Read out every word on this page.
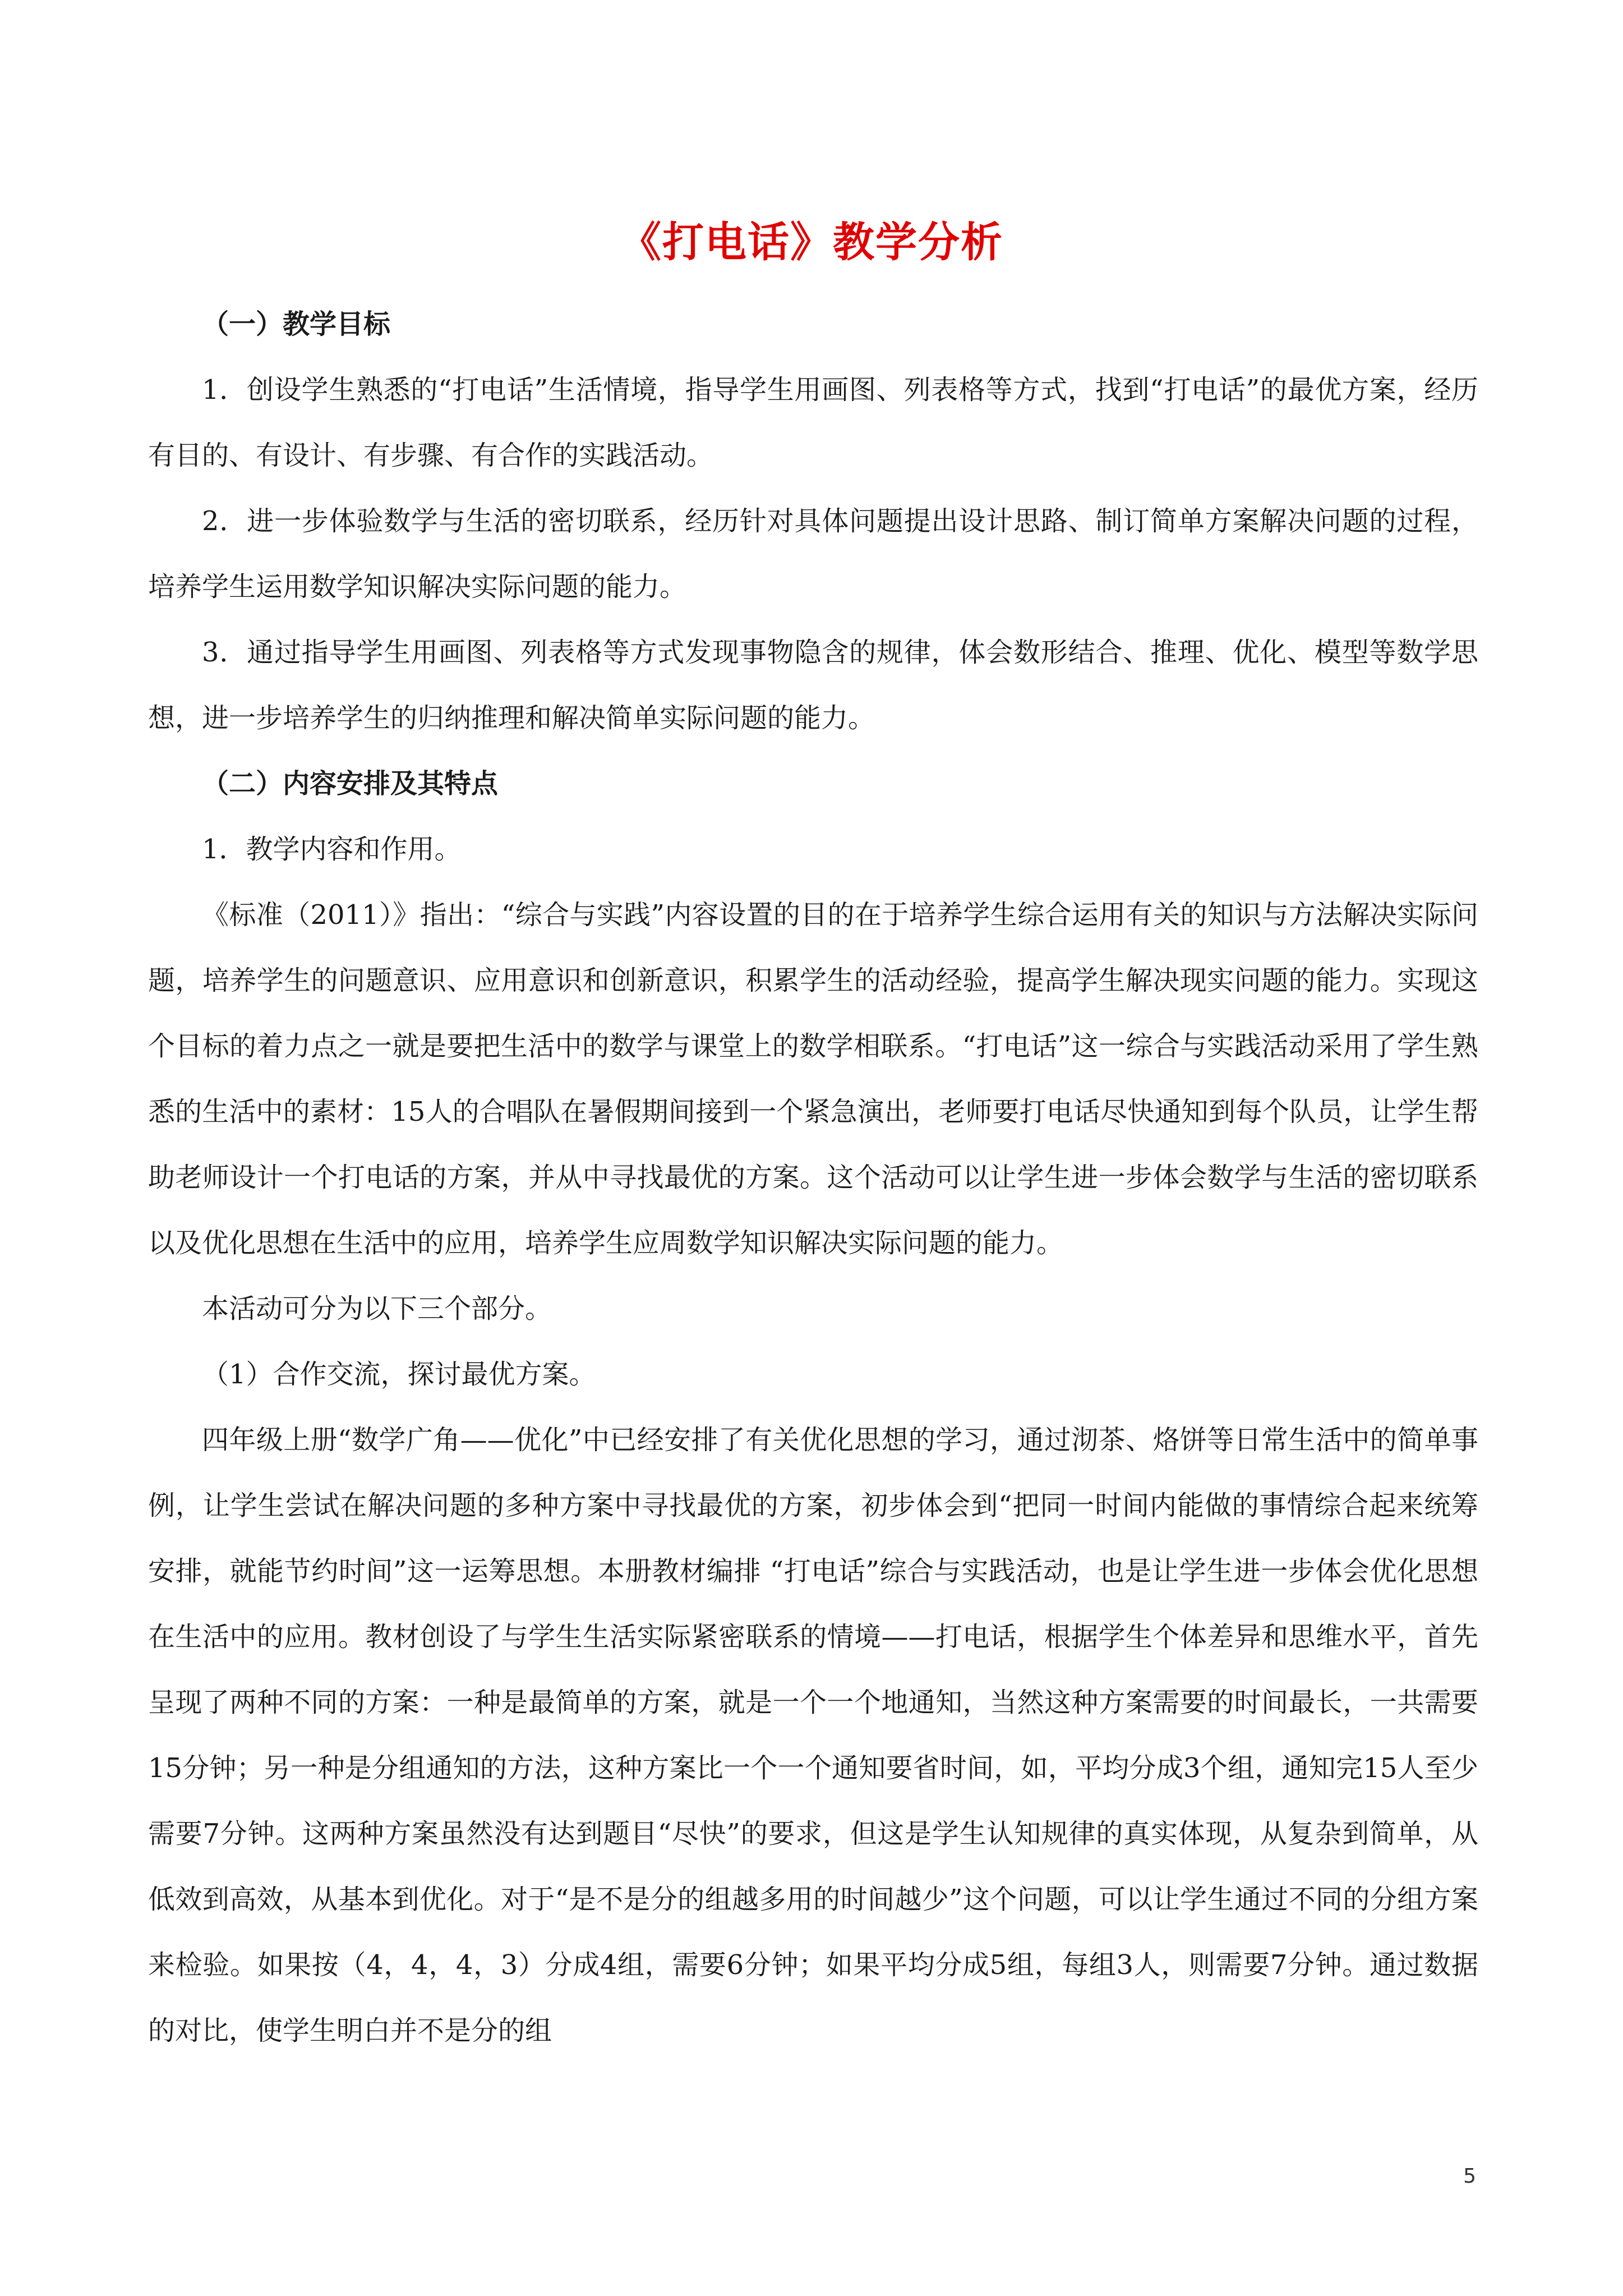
《打电话》教学分析

（一）教学目标

1．创设学生熟悉的“打电话”生活情境，指导学生用画图、列表格等方式，找到“打电话”的最优方案，经历有目的、有设计、有步骤、有合作的实践活动。

2．进一步体验数学与生活的密切联系，经历针对具体问题提出设计思路、制订简单方案解决问题的过程，培养学生运用数学知识解决实际问题的能力。

3．通过指导学生用画图、列表格等方式发现事物隐含的规律，体会数形结合、推理、优化、模型等数学思想，进一步培养学生的归纳推理和解决简单实际问题的能力。

（二）内容安排及其特点

1．教学内容和作用。

《标准（2011）》指出：“综合与实践”内容设置的目的在于培养学生综合运用有关的知识与方法解决实际问题，培养学生的问题意识、应用意识和创新意识，积累学生的活动经验，提高学生解决现实问题的能力。实现这个目标的着力点之一就是要把生活中的数学与课堂上的数学相联系。“打电话”这一综合与实践活动采用了学生熟悉的生活中的素材：15人的合唱队在暑假期间接到一个紧急演出，老师要打电话尽快通知到每个队员，让学生帮助老师设计一个打电话的方案，并从中寻找最优的方案。这个活动可以让学生进一步体会数学与生活的密切联系以及优化思想在生活中的应用，培养学生应周数学知识解决实际问题的能力。

本活动可分为以下三个部分。

（1）合作交流，探讨最优方案。

四年级上册“数学广角——优化”中已经安排了有关优化思想的学习，通过沏茶、烙饼等日常生活中的简单事例，让学生尝试在解决问题的多种方案中寻找最优的方案，初步体会到“把同一时间内能做的事情综合起来统筹安排，就能节约时间”这一运筹思想。本册教材编排 “打电话”综合与实践活动，也是让学生进一步体会优化思想在生活中的应用。教材创设了与学生生活实际紧密联系的情境——打电话，根据学生个体差异和思维水平，首先呈现了两种不同的方案：一种是最简单的方案，就是一个一个地通知，当然这种方案需要的时间最长，一共需要15分钟；另一种是分组通知的方法，这种方案比一个一个通知要省时间，如，平均分成3个组，通知完15人至少需要7分钟。这两种方案虽然没有达到题目“尽快”的要求，但这是学生认知规律的真实体现，从复杂到简单，从低效到高效，从基本到优化。对于“是不是分的组越多用的时间越少”这个问题，可以让学生通过不同的分组方案来检验。如果按（4，4，4，3）分成4组，需要6分钟；如果平均分成5组，每组3人，则需要7分钟。通过数据的对比，使学生明白并不是分的组

5
